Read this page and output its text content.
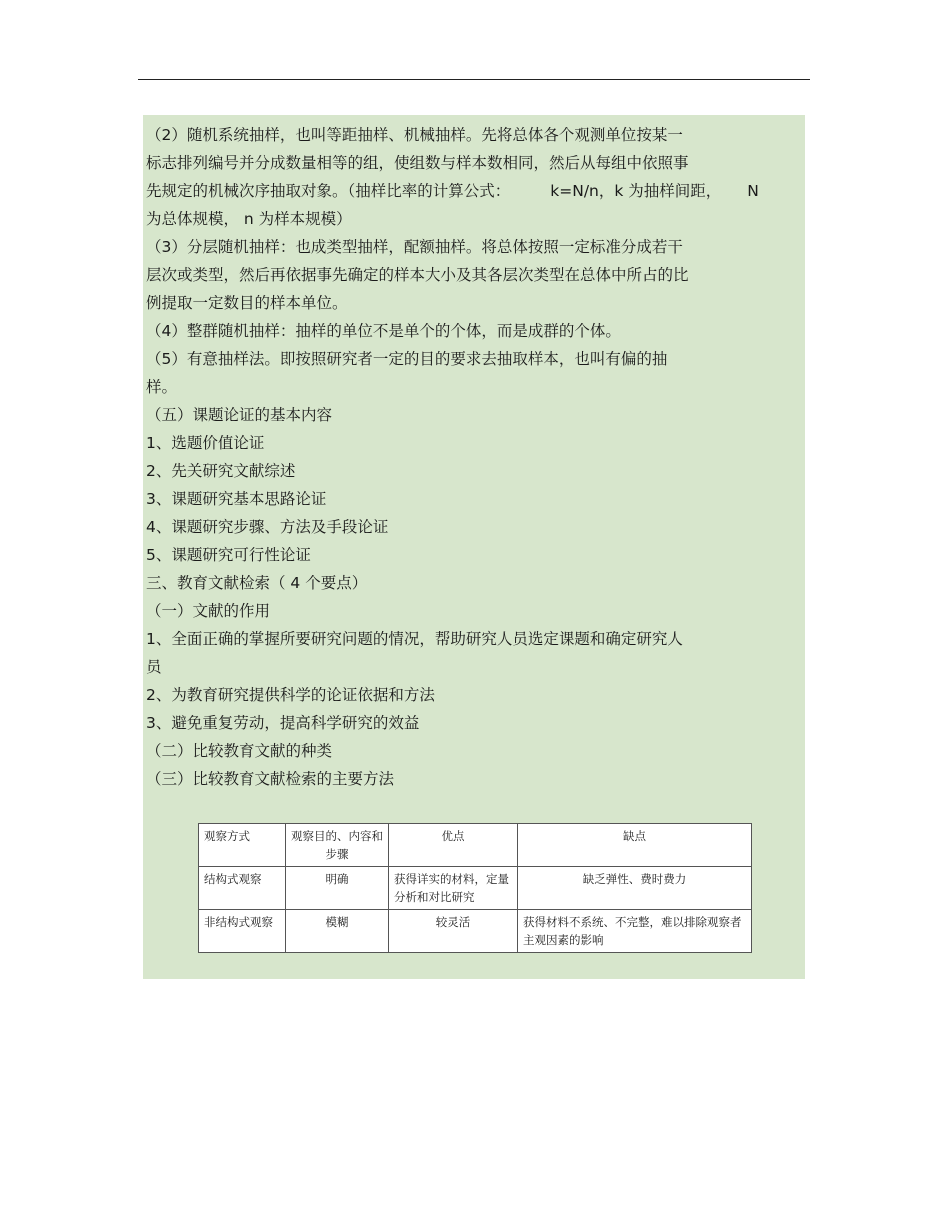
（2）随机系统抽样，也叫等距抽样、机械抽样。先将总体各个观测单位按某一
标志排列编号并分成数量相等的组，使组数与样本数相同，然后从每组中依照事
先规定的机械次序抽取对象。（抽样比率的计算公式：	k=N/n，k 为抽样间距， N
为总体规模， n 为样本规模）
（3）分层随机抽样：也成类型抽样，配额抽样。将总体按照一定标准分成若干
层次或类型，然后再依据事先确定的样本大小及其各层次类型在总体中所占的比
例提取一定数目的样本单位。
（4）整群随机抽样：抽样的单位不是单个的个体，而是成群的个体。
（5）有意抽样法。即按照研究者一定的目的要求去抽取样本，也叫有偏的抽
样。
（五）课题论证的基本内容
1、选题价值论证
2、先关研究文献综述
3、课题研究基本思路论证
4、课题研究步骤、方法及手段论证
5、课题研究可行性论证
三、教育文献检索（ 4 个要点）
（一）文献的作用
1、全面正确的掌握所要研究问题的情况，帮助研究人员选定课题和确定研究人
员
2、为教育研究提供科学的论证依据和方法
3、避免重复劳动，提高科学研究的效益
（二）比较教育文献的种类
（三）比较教育文献检索的主要方法
观察方式	观察目的、内容和步骤	优点	缺点
结构式观察	明确	获得详实的材料，定量分析和对比研究	缺乏弹性、费时费力
非结构式观察	模糊	较灵活	获得材料不系统、不完整，难以排除观察者主观因素的影响
